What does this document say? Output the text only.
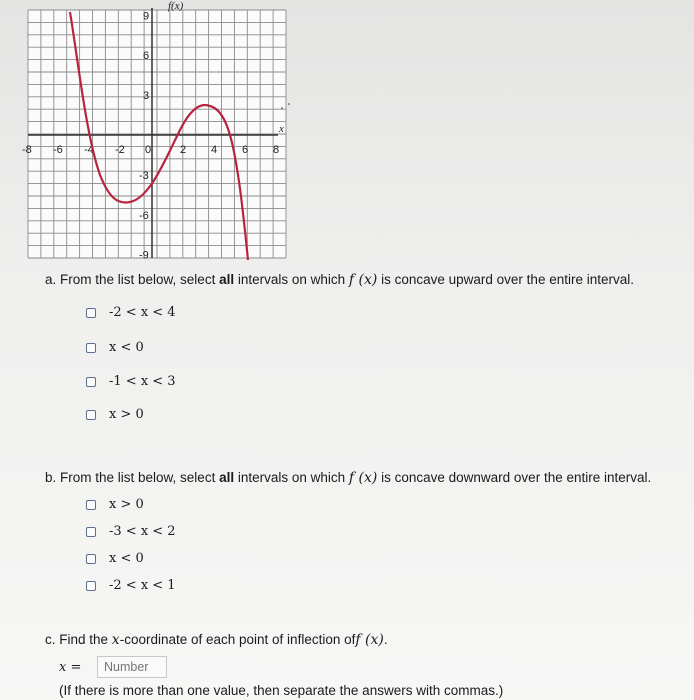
-8 -6 -4 -2 0	2 4 6 8
9
6
3
-3
-6
-9
f(x)
x
a. From the list below, select all intervals on which f (x) is concave upward over the entire interval.
-2 < x < 4
x < 0
-1 < x < 3
x > 0
b. From the list below, select all intervals on which f (x) is concave downward over the entire interval.
x > 0
-3 < x < 2
x < 0
-2 < x < 1
c. Find the x-coordinate of each point of inflection off (x).
x =
Number
(If there is more than one value, then separate the answers with commas.)
